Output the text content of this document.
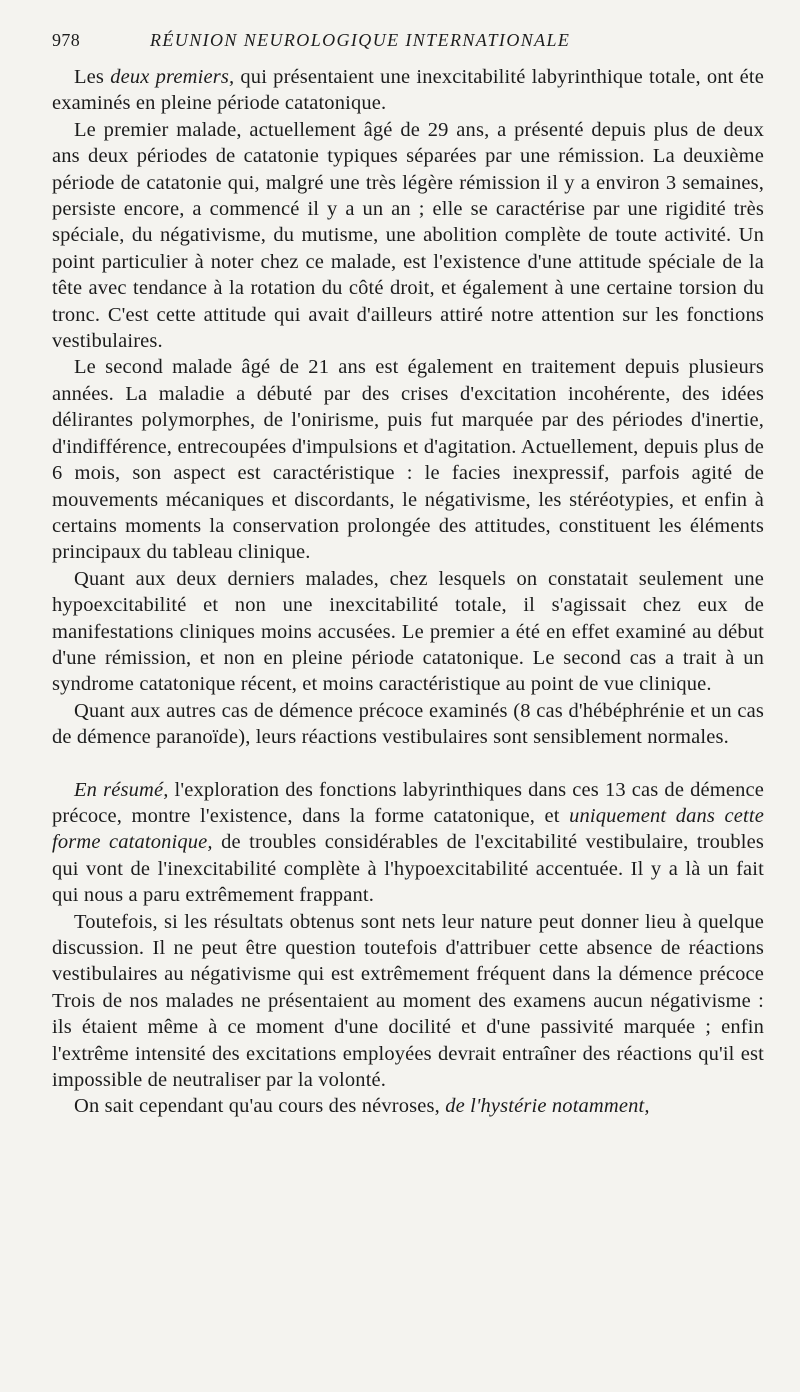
978	RÉUNION NEUROLOGIQUE INTERNATIONALE

Les deux premiers, qui présentaient une inexcitabilité labyrinthique totale, ont éte examinés en pleine période catatonique.

Le premier malade, actuellement âgé de 29 ans, a présenté depuis plus de deux ans deux périodes de catatonie typiques séparées par une rémission. La deuxième période de catatonie qui, malgré une très légère rémission il y a environ 3 semaines, persiste encore, a commencé il y a un an ; elle se caractérise par une rigidité très spéciale, du négativisme, du mutisme, une abolition complète de toute activité. Un point particulier à noter chez ce malade, est l'existence d'une attitude spéciale de la tête avec tendance à la rotation du côté droit, et également à une certaine torsion du tronc. C'est cette attitude qui avait d'ailleurs attiré notre attention sur les fonctions vestibulaires.

Le second malade âgé de 21 ans est également en traitement depuis plusieurs années. La maladie a débuté par des crises d'excitation incohérente, des idées délirantes polymorphes, de l'onirisme, puis fut marquée par des périodes d'inertie, d'indifférence, entrecoupées d'impulsions et d'agitation. Actuellement, depuis plus de 6 mois, son aspect est caractéristique : le facies inexpressif, parfois agité de mouvements mécaniques et discordants, le négativisme, les stéréotypies, et enfin à certains moments la conservation prolongée des attitudes, constituent les éléments principaux du tableau clinique.

Quant aux deux derniers malades, chez lesquels on constatait seulement une hypoexcitabilité et non une inexcitabilité totale, il s'agissait chez eux de manifestations cliniques moins accusées. Le premier a été en effet examiné au début d'une rémission, et non en pleine période catatonique. Le second cas a trait à un syndrome catatonique récent, et moins caractéristique au point de vue clinique.

Quant aux autres cas de démence précoce examinés (8 cas d'hébéphrénie et un cas de démence paranoïde), leurs réactions vestibulaires sont sensiblement normales.

En résumé, l'exploration des fonctions labyrinthiques dans ces 13 cas de démence précoce, montre l'existence, dans la forme catatonique, et uniquement dans cette forme catatonique, de troubles considérables de l'excitabilité vestibulaire, troubles qui vont de l'inexcitabilité complète à l'hypoexcitabilité accentuée. Il y a là un fait qui nous a paru extrêmement frappant.

Toutefois, si les résultats obtenus sont nets leur nature peut donner lieu à quelque discussion. Il ne peut être question toutefois d'attribuer cette absence de réactions vestibulaires au négativisme qui est extrêmement fréquent dans la démence précoce Trois de nos malades ne présentaient au moment des examens aucun négativisme : ils étaient même à ce moment d'une docilité et d'une passivité marquée ; enfin l'extrême intensité des excitations employées devrait entraîner des réactions qu'il est impossible de neutraliser par la volonté.

On sait cependant qu'au cours des névroses, de l'hystérie notamment,
